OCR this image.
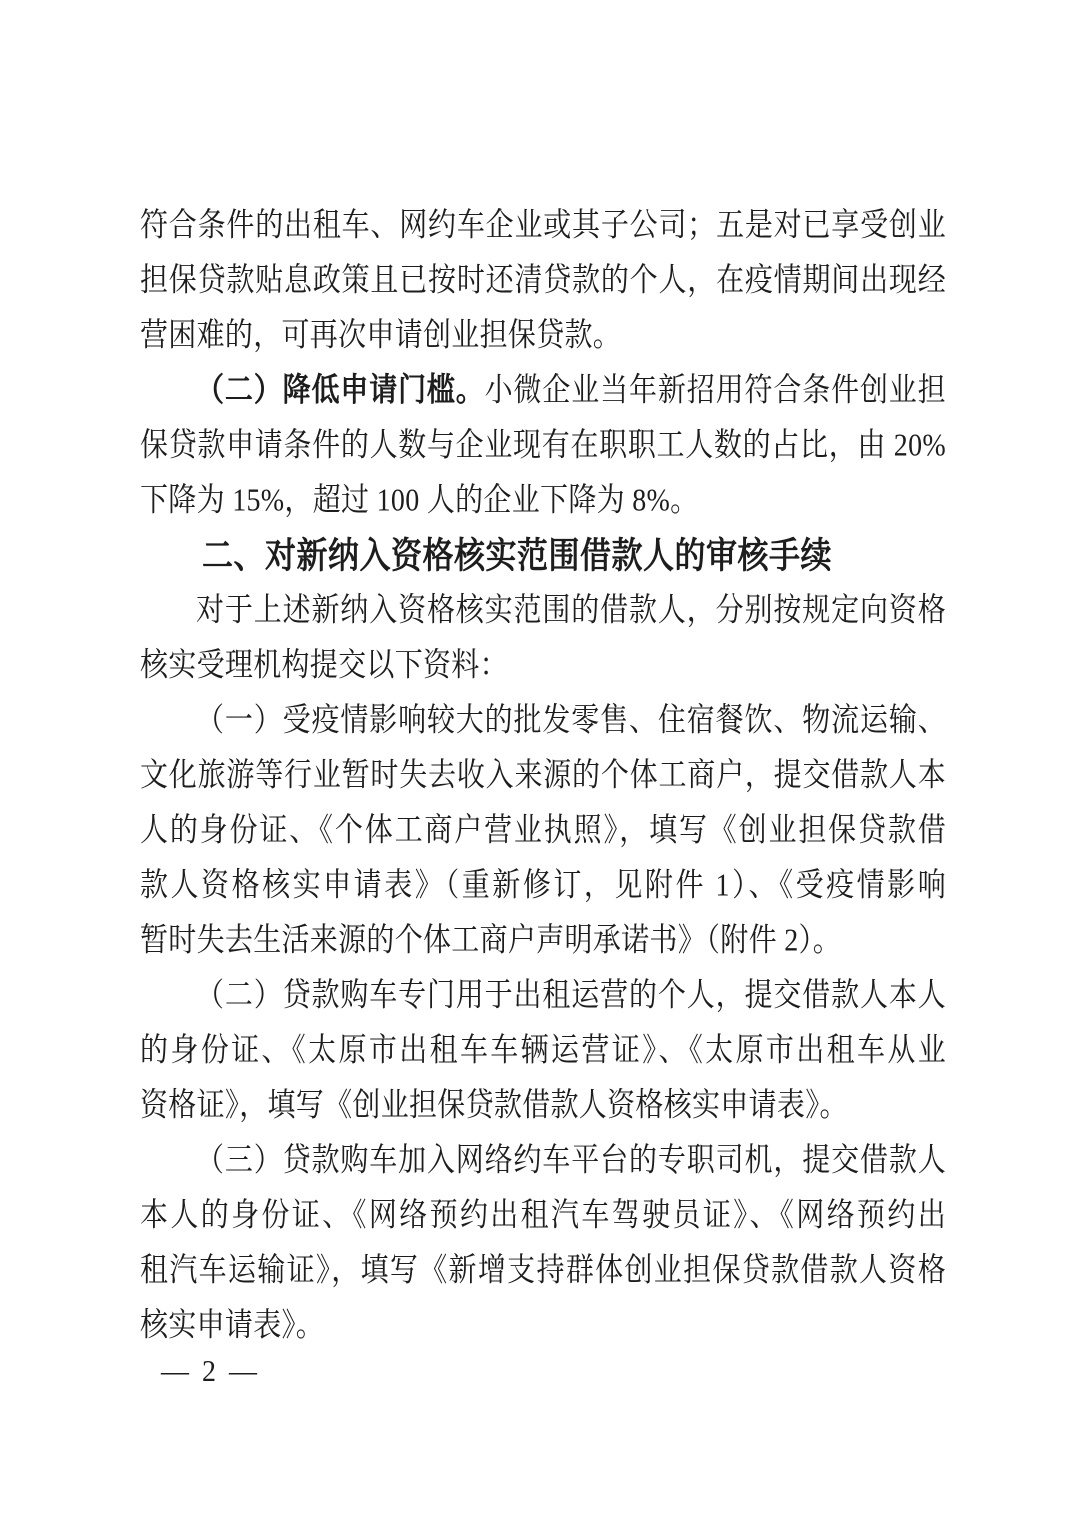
符合条件的出租车、网约车企业或其子公司；五是对已享受创业
担保贷款贴息政策且已按时还清贷款的个人，在疫情期间出现经
营困难的，可再次申请创业担保贷款。
（二）降低申请门槛。小微企业当年新招用符合条件创业担
保贷款申请条件的人数与企业现有在职职工人数的占比，由 20%
下降为 15%，超过 100 人的企业下降为 8%。
二、对新纳入资格核实范围借款人的审核手续
对于上述新纳入资格核实范围的借款人，分别按规定向资格
核实受理机构提交以下资料：
（一）受疫情影响较大的批发零售、住宿餐饮、物流运输、
文化旅游等行业暂时失去收入来源的个体工商户，提交借款人本
人的身份证、《个体工商户营业执照》，填写《创业担保贷款借
款人资格核实申请表》（重新修订，见附件 1）、《受疫情影响
暂时失去生活来源的个体工商户声明承诺书》（附件 2）。
（二）贷款购车专门用于出租运营的个人，提交借款人本人
的身份证、《太原市出租车车辆运营证》、《太原市出租车从业
资格证》，填写《创业担保贷款借款人资格核实申请表》。
（三）贷款购车加入网络约车平台的专职司机，提交借款人
本人的身份证、《网络预约出租汽车驾驶员证》、《网络预约出
租汽车运输证》，填写《新增支持群体创业担保贷款借款人资格
核实申请表》。
— 2 —
